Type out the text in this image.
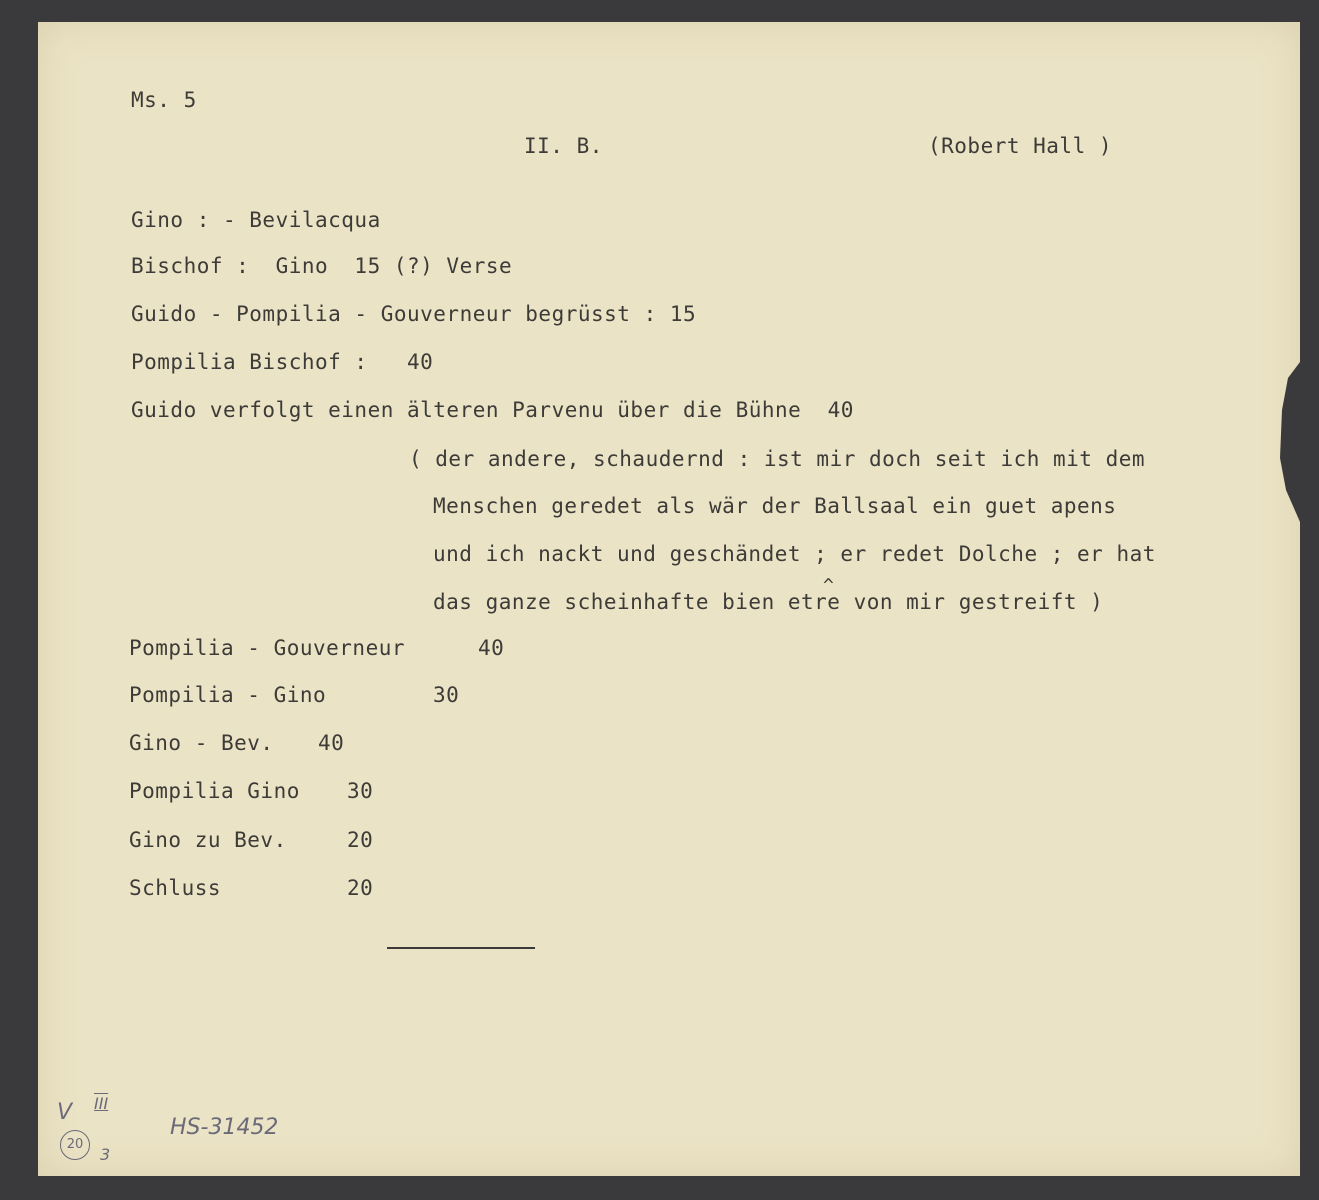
Ms. 5
II. B.	(Robert Hall )
Gino : - Bevilacqua
Bischof :  Gino  15 (?) Verse
Guido - Pompilia - Gouverneur begrüsst : 15
Pompilia Bischof :   40
Guido verfolgt einen älteren Parvenu über die Bühne  40
( der andere, schaudernd : ist mir doch seit ich mit dem
Menschen geredet als wär der Ballsaal ein guet apens
und ich nackt und geschändet ; er redet Dolche ; er hat
^
das ganze scheinhafte bien etre von mir gestreift )
Pompilia - Gouverneur	40
Pompilia - Gino	30
Gino - Bev. 40
Pompilia Gino 30
Gino zu Bev.	20
Schluss	20
V III
20
3
HS-31452
